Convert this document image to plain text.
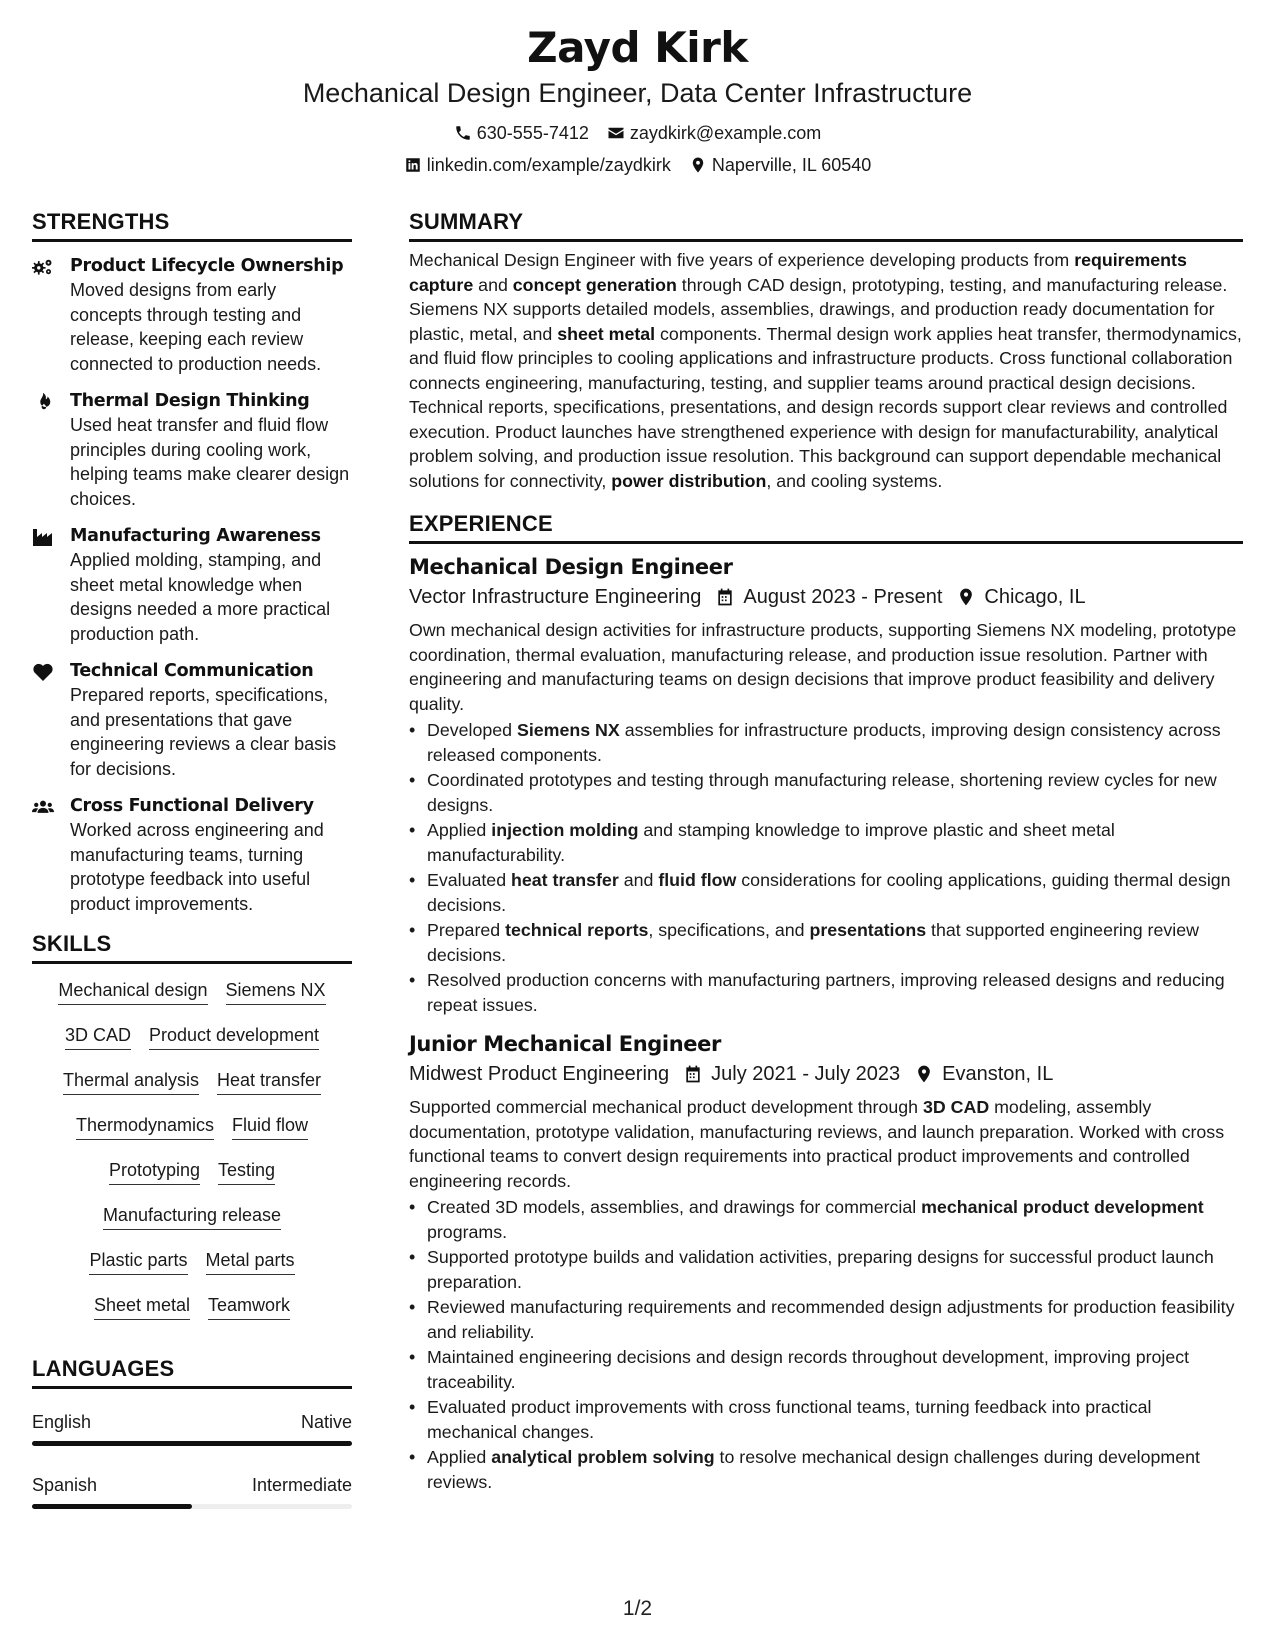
Zayd Kirk
Mechanical Design Engineer, Data Center Infrastructure
630-555-7412 zaydkirk@example.com
linkedin.com/example/zaydkirk Naperville, IL 60540
STRENGTHS
Product Lifecycle Ownership
Moved designs from early concepts through testing and release, keeping each review connected to production needs.
Thermal Design Thinking
Used heat transfer and fluid flow principles during cooling work, helping teams make clearer design choices.
Manufacturing Awareness
Applied molding, stamping, and sheet metal knowledge when designs needed a more practical production path.
Technical Communication
Prepared reports, specifications, and presentations that gave engineering reviews a clear basis for decisions.
Cross Functional Delivery
Worked across engineering and manufacturing teams, turning prototype feedback into useful product improvements.
SKILLS
Mechanical design Siemens NX
3D CAD Product development
Thermal analysis Heat transfer
Thermodynamics Fluid flow
Prototyping Testing
Manufacturing release
Plastic parts Metal parts
Sheet metal Teamwork
LANGUAGES
English	Native
Spanish	Intermediate
SUMMARY
Mechanical Design Engineer with five years of experience developing products from requirements capture and concept generation through CAD design, prototyping, testing, and manufacturing release. Siemens NX supports detailed models, assemblies, drawings, and production ready documentation for plastic, metal, and sheet metal components. Thermal design work applies heat transfer, thermodynamics, and fluid flow principles to cooling applications and infrastructure products. Cross functional collaboration connects engineering, manufacturing, testing, and supplier teams around practical design decisions. Technical reports, specifications, presentations, and design records support clear reviews and controlled execution. Product launches have strengthened experience with design for manufacturability, analytical problem solving, and production issue resolution. This background can support dependable mechanical solutions for connectivity, power distribution, and cooling systems.
EXPERIENCE
Mechanical Design Engineer
Vector Infrastructure Engineering August 2023 - Present Chicago, IL
Own mechanical design activities for infrastructure products, supporting Siemens NX modeling, prototype coordination, thermal evaluation, manufacturing release, and production issue resolution. Partner with engineering and manufacturing teams on design decisions that improve product feasibility and delivery quality.
• Developed Siemens NX assemblies for infrastructure products, improving design consistency across released components.
• Coordinated prototypes and testing through manufacturing release, shortening review cycles for new designs.
• Applied injection molding and stamping knowledge to improve plastic and sheet metal manufacturability.
• Evaluated heat transfer and fluid flow considerations for cooling applications, guiding thermal design decisions.
• Prepared technical reports, specifications, and presentations that supported engineering review decisions.
• Resolved production concerns with manufacturing partners, improving released designs and reducing repeat issues.
Junior Mechanical Engineer
Midwest Product Engineering July 2021 - July 2023 Evanston, IL
Supported commercial mechanical product development through 3D CAD modeling, assembly documentation, prototype validation, manufacturing reviews, and launch preparation. Worked with cross functional teams to convert design requirements into practical product improvements and controlled engineering records.
• Created 3D models, assemblies, and drawings for commercial mechanical product development programs.
• Supported prototype builds and validation activities, preparing designs for successful product launch preparation.
• Reviewed manufacturing requirements and recommended design adjustments for production feasibility and reliability.
• Maintained engineering decisions and design records throughout development, improving project traceability.
• Evaluated product improvements with cross functional teams, turning feedback into practical mechanical changes.
• Applied analytical problem solving to resolve mechanical design challenges during development reviews.
1/2
